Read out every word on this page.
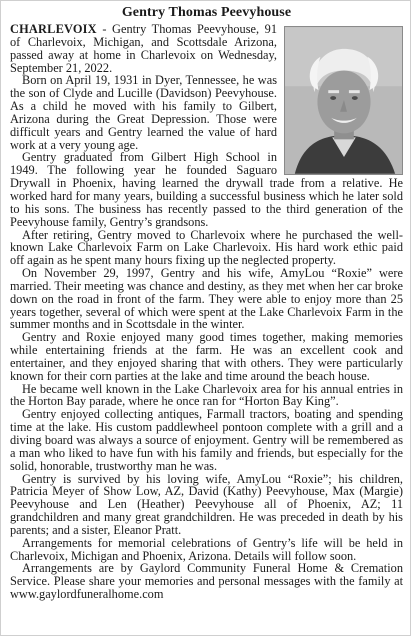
Gentry Thomas Peevyhouse

CHARLEVOIX - Gentry Thomas Peevyhouse, 91 of Charlevoix, Michigan, and Scottsdale Arizona, passed away at home in Charlevoix on Wednesday, September 21, 2022.

Born on April 19, 1931 in Dyer, Tennessee, he was the son of Clyde and Lucille (Davidson) Peevyhouse. As a child he moved with his family to Gilbert, Arizona during the Great Depression. Those were difficult years and Gentry learned the value of hard work at a very young age.

Gentry graduated from Gilbert High School in 1949. The following year he founded Saguaro Drywall in Phoenix, having learned the drywall trade from a relative. He worked hard for many years, building a successful business which he later sold to his sons. The business has recently passed to the third generation of the Peevyhouse family, Gentry’s grandsons.

After retiring, Gentry moved to Charlevoix where he purchased the well-known Lake Charlevoix Farm on Lake Charlevoix. His hard work ethic paid off again as he spent many hours fixing up the neglected property.

On November 29, 1997, Gentry and his wife, AmyLou “Roxie” were married. Their meeting was chance and destiny, as they met when her car broke down on the road in front of the farm. They were able to enjoy more than 25 years together, several of which were spent at the Lake Charlevoix Farm in the summer months and in Scottsdale in the winter.

Gentry and Roxie enjoyed many good times together, making memories while entertaining friends at the farm. He was an excellent cook and entertainer, and they enjoyed sharing that with others. They were particularly known for their corn parties at the lake and time around the beach house.

He became well known in the Lake Charlevoix area for his annual entries in the Horton Bay parade, where he once ran for “Horton Bay King”.

Gentry enjoyed collecting antiques, Farmall tractors, boating and spending time at the lake. His custom paddlewheel pontoon complete with a grill and a diving board was always a source of enjoyment. Gentry will be remembered as a man who liked to have fun with his family and friends, but especially for the solid, honorable, trustworthy man he was.

Gentry is survived by his loving wife, AmyLou “Roxie”; his children, Patricia Meyer of Show Low, AZ, David (Kathy) Peevyhouse, Max (Margie) Peevyhouse and Len (Heather) Peevyhouse all of Phoenix, AZ; 11 grandchildren and many great grandchildren. He was preceded in death by his parents; and a sister, Eleanor Pratt.

Arrangements for memorial celebrations of Gentry’s life will be held in Charlevoix, Michigan and Phoenix, Arizona. Details will follow soon.

Arrangements are by Gaylord Community Funeral Home & Cremation Service. Please share your memories and personal messages with the family at www.gaylordfuneralhome.com
